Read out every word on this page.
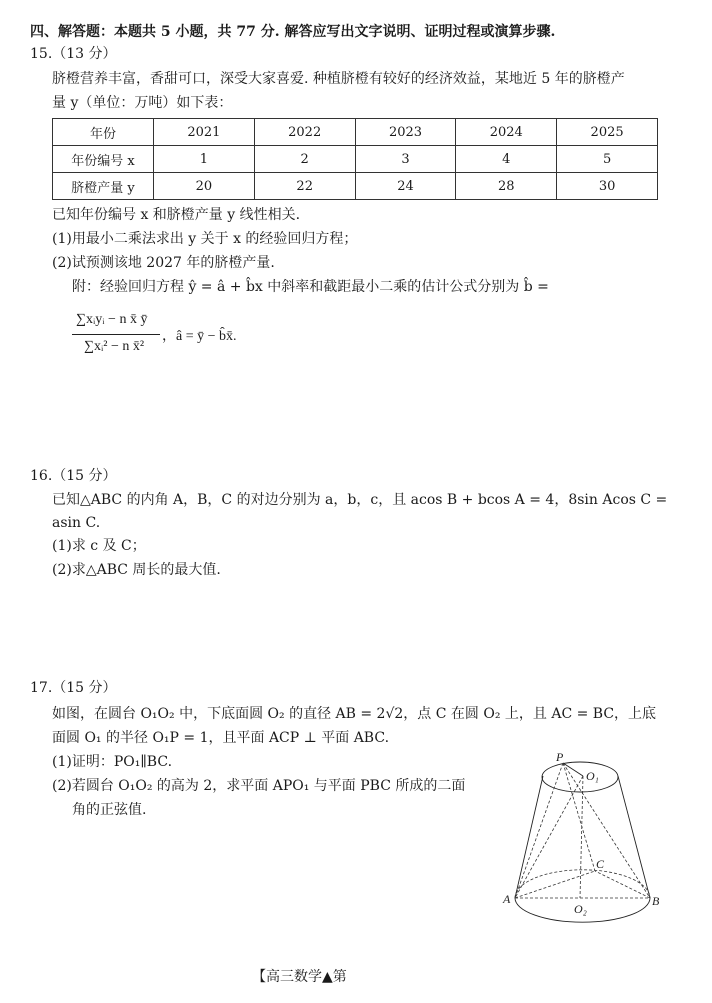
四、解答题：本题共 5 小题，共 77 分. 解答应写出文字说明、证明过程或演算步骤.
15.（13 分）
脐橙营养丰富，香甜可口，深受大家喜爱. 种植脐橙有较好的经济效益，某地近 5 年的脐橙产
量 y（单位：万吨）如下表：
年份	2021	2022	2023	2024	2025
年份编号 x	1	2	3	4	5
脐橙产量 y	20	22	24	28	30
已知年份编号 x 和脐橙产量 y 线性相关.
(1)用最小二乘法求出 y 关于 x 的经验回归方程；
(2)试预测该地 2027 年的脐橙产量.
附：经验回归方程 ŷ = â + b̂x 中斜率和截距最小二乘的估计公式分别为 b̂ =
∑xᵢyᵢ − n x̄ ȳ
∑xᵢ² − n x̄²
，â = ȳ − b̂x̄.
16.（15 分）
已知△ABC 的内角 A，B，C 的对边分别为 a，b，c，且 acos B + bcos A = 4，8sin Acos C =
asin C.
(1)求 c 及 C；
(2)求△ABC 周长的最大值.
17.（15 分）
如图，在圆台 O₁O₂ 中，下底面圆 O₂ 的直径 AB = 2√2，点 C 在圆 O₂ 上，且 AC = BC，上底
面圆 O₁ 的半径 O₁P = 1，且平面 ACP ⊥ 平面 ABC.
(1)证明：PO₁∥BC.
(2)若圆台 O₁O₂ 的高为 2，求平面 APO₁ 与平面 PBC 所成的二面
角的正弦值.
P
O₁
C
A	B
O₂
【高三数学▲第
